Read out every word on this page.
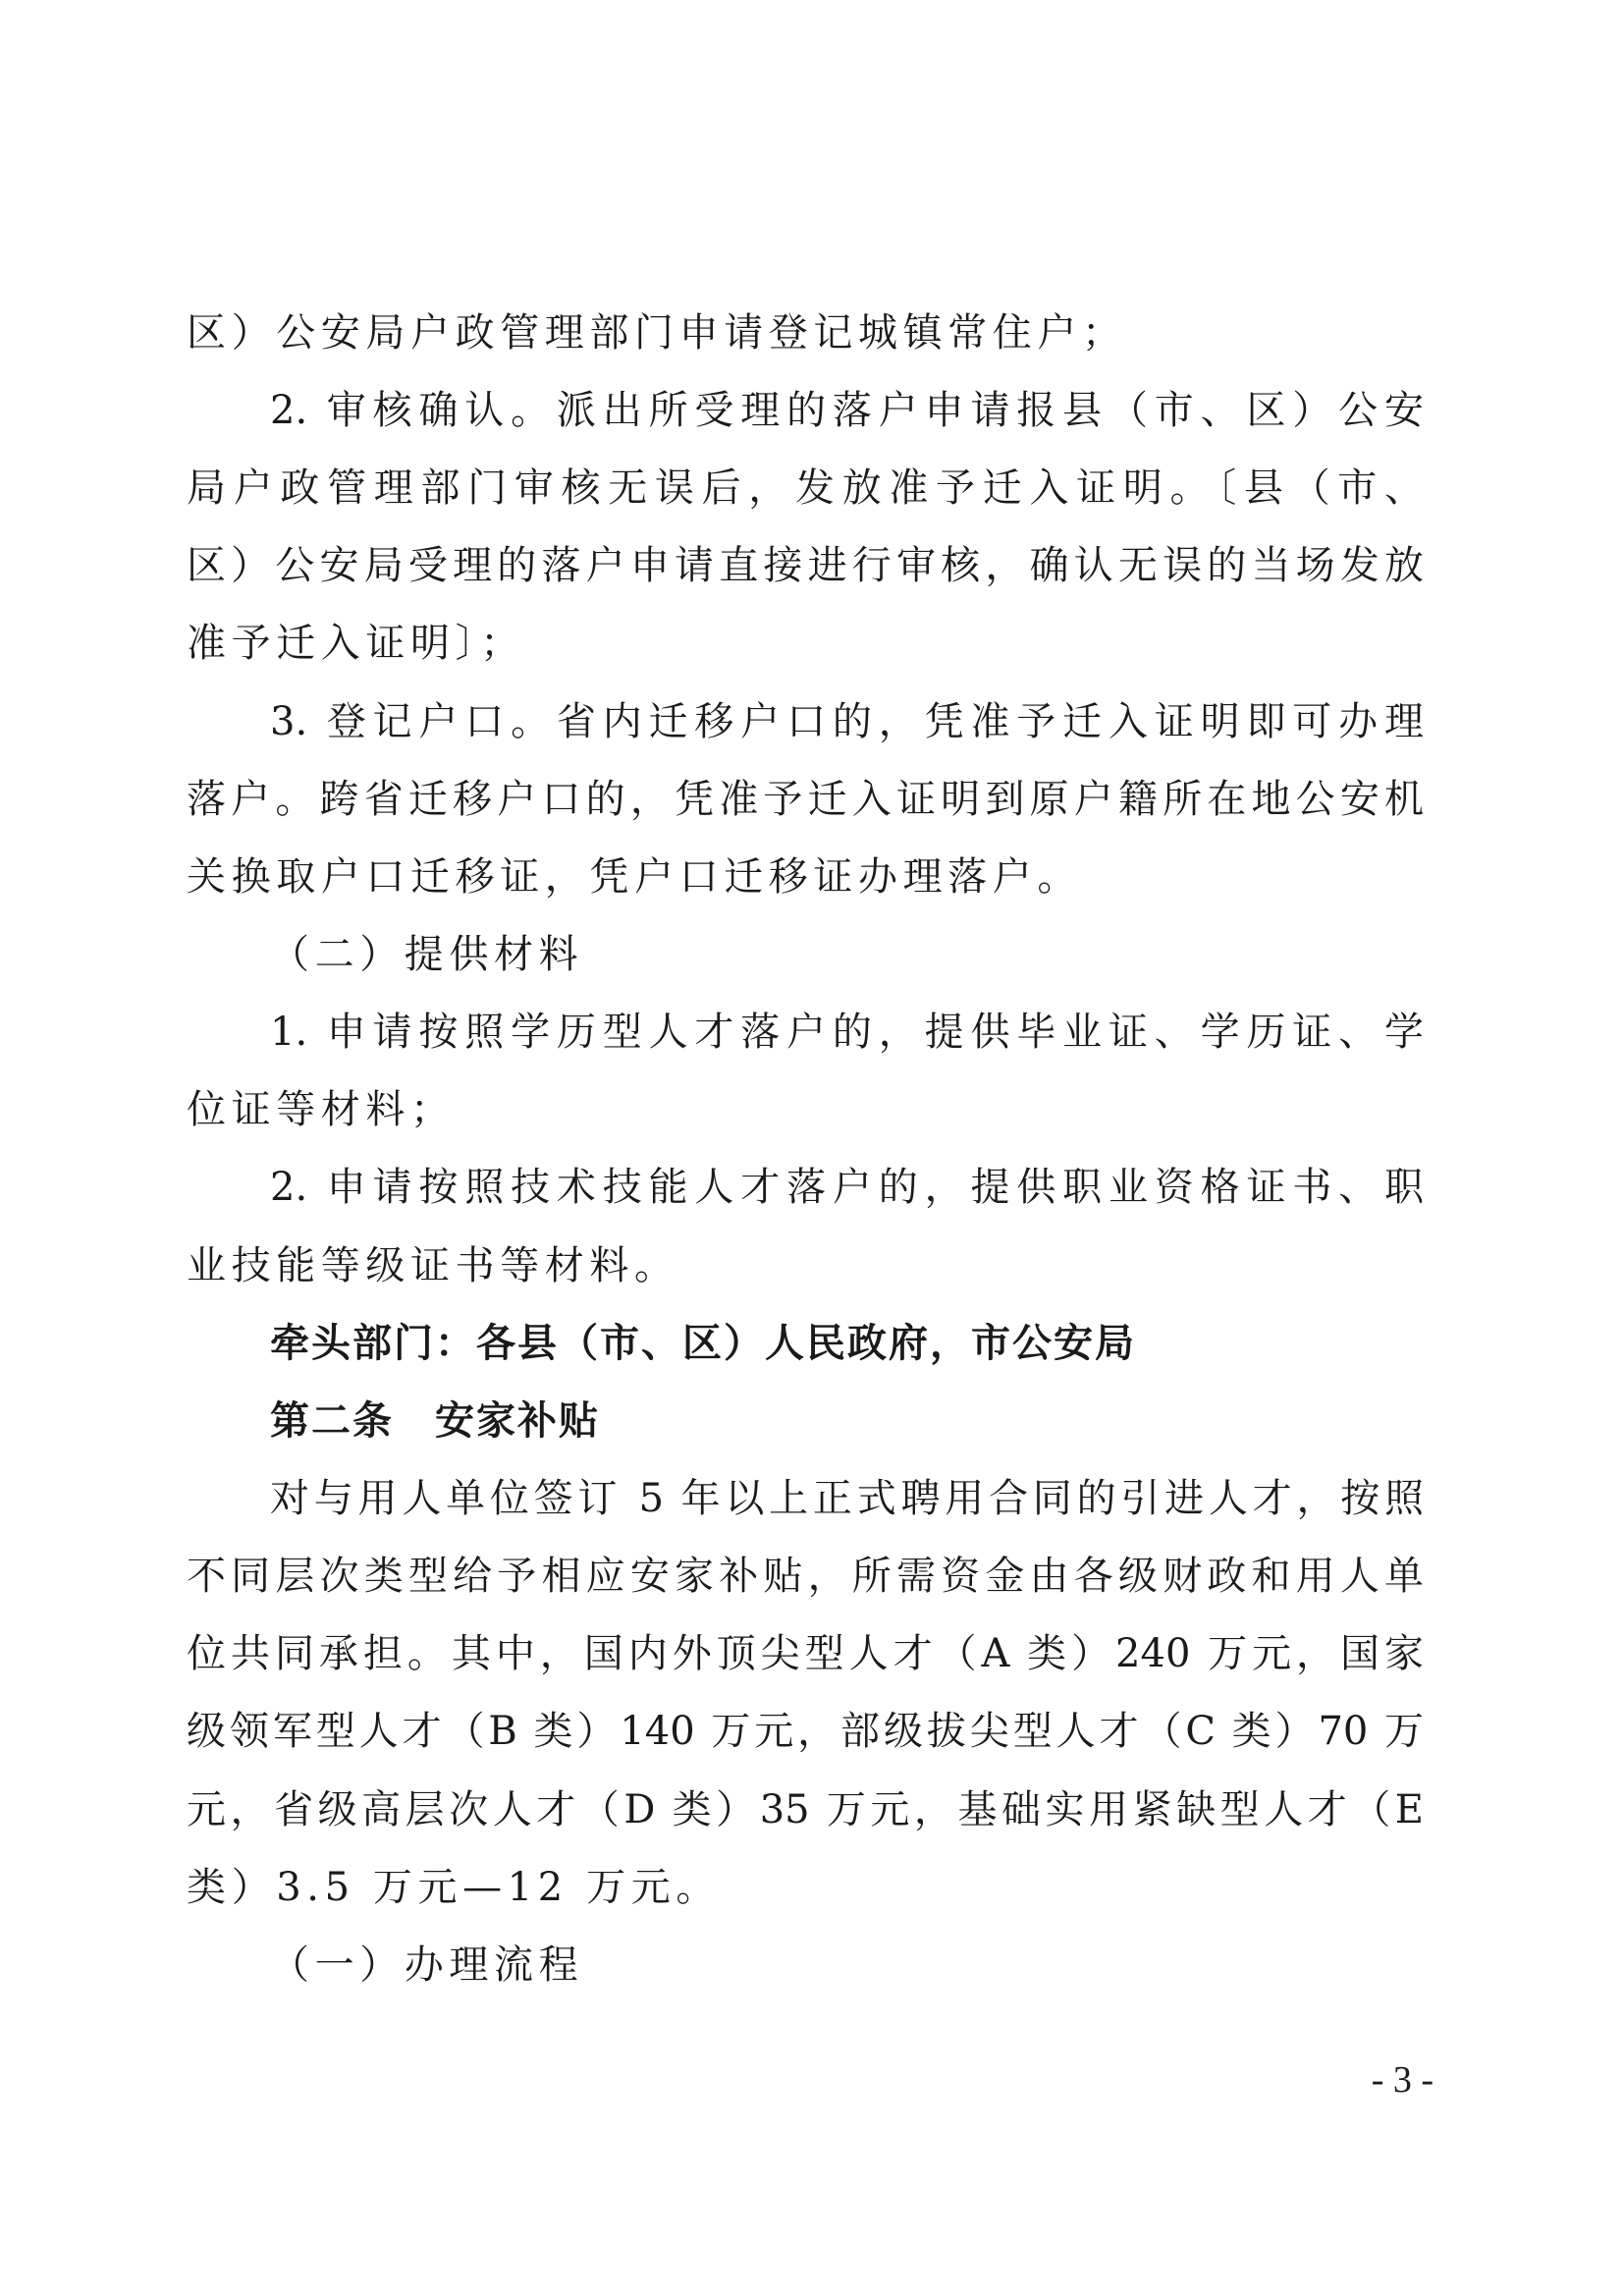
区）公安局户政管理部门申请登记城镇常住户；
2. 审核确认。派出所受理的落户申请报县（市、区）公安
局户政管理部门审核无误后，发放准予迁入证明。〔县（市、
区）公安局受理的落户申请直接进行审核，确认无误的当场发放
准予迁入证明〕；
3. 登记户口。省内迁移户口的，凭准予迁入证明即可办理
落户。跨省迁移户口的，凭准予迁入证明到原户籍所在地公安机
关换取户口迁移证，凭户口迁移证办理落户。
（二）提供材料
1. 申请按照学历型人才落户的，提供毕业证、学历证、学
位证等材料；
2. 申请按照技术技能人才落户的，提供职业资格证书、职
业技能等级证书等材料。
牵头部门：各县（市、区）人民政府，市公安局
第二条　安家补贴
对与用人单位签订 5 年以上正式聘用合同的引进人才，按照
不同层次类型给予相应安家补贴，所需资金由各级财政和用人单
位共同承担。其中，国内外顶尖型人才（A 类）240 万元，国家
级领军型人才（B 类）140 万元，部级拔尖型人才（C 类）70 万
元，省级高层次人才（D 类）35 万元，基础实用紧缺型人才（E
类）3.5 万元—12 万元。
（一）办理流程
- 3 -
